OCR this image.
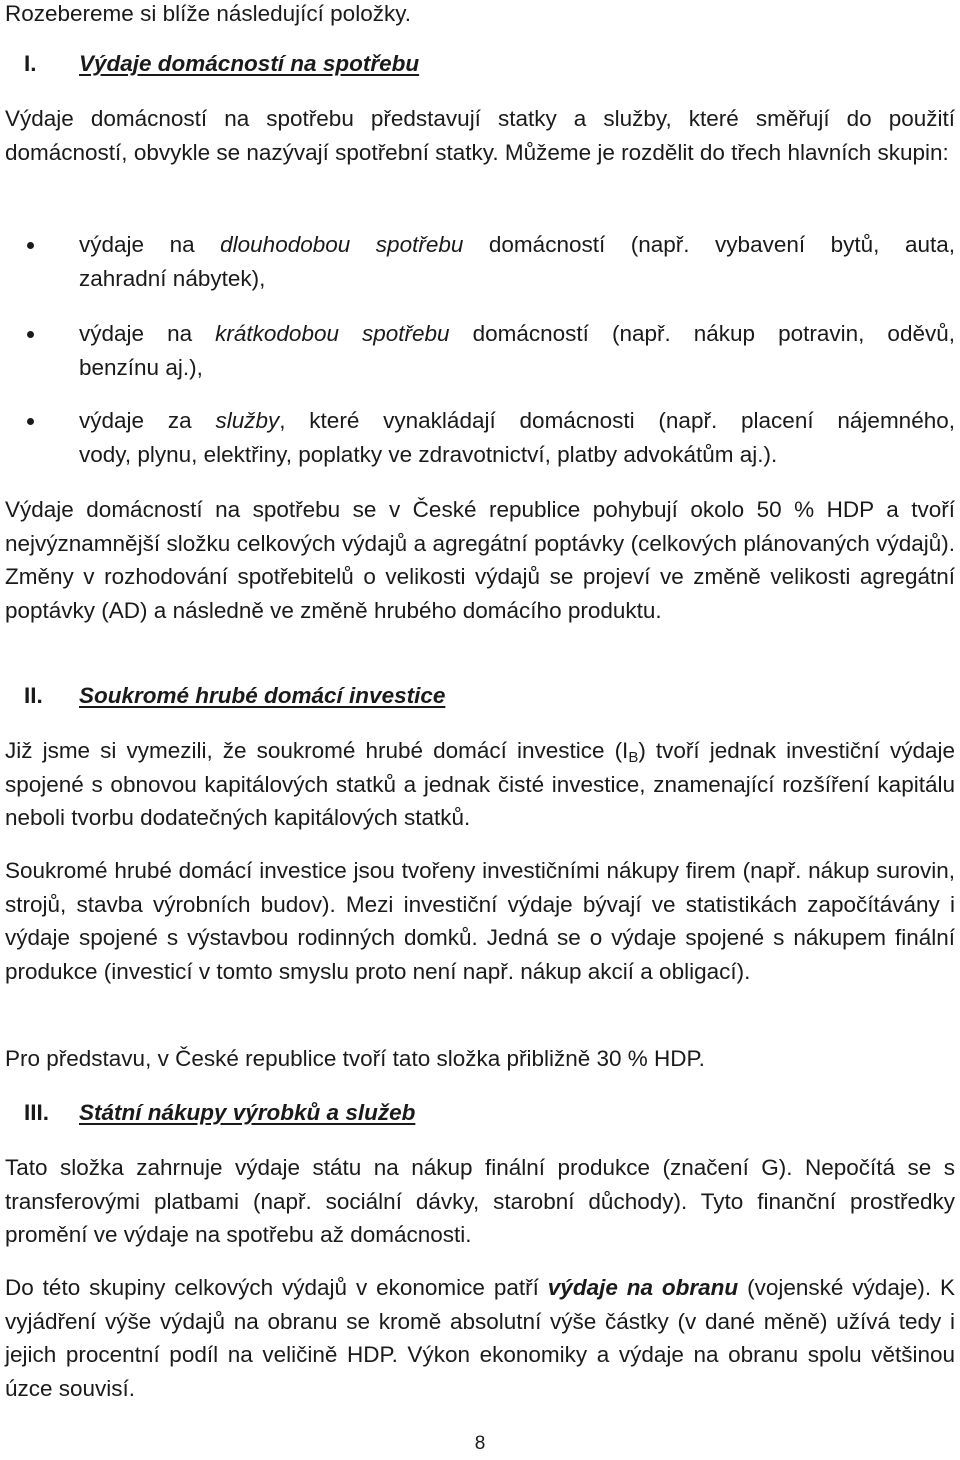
Rozebereme si blíže následující položky.

I. Výdaje domácností na spotřebu

Výdaje domácností na spotřebu představují statky a služby, které směřují do použití domácností, obvykle se nazývají spotřební statky. Můžeme je rozdělit do třech hlavních skupin:

výdaje na dlouhodobou spotřebu domácností (např. vybavení bytů, auta,
zahradní nábytek),
výdaje na krátkodobou spotřebu domácností (např. nákup potravin, oděvů,
benzínu aj.),
výdaje za služby, které vynakládají domácnosti (např. placení nájemného,
vody, plynu, elektřiny, poplatky ve zdravotnictví, platby advokátům aj.).

Výdaje domácností na spotřebu se v České republice pohybují okolo 50 % HDP a tvoří nejvýznamnější složku celkových výdajů a agregátní poptávky (celkových plánovaných výdajů). Změny v rozhodování spotřebitelů o velikosti výdajů se projeví ve změně velikosti agregátní poptávky (AD) a následně ve změně hrubého domácího produktu.

II. Soukromé hrubé domácí investice

Již jsme si vymezili, že soukromé hrubé domácí investice $(I_B)$ tvoří jednak investiční výdaje spojené s obnovou kapitálových statků a jednak čisté investice, znamenající rozšíření kapitálu neboli tvorbu dodatečných kapitálových statků.

Soukromé hrubé domácí investice jsou tvořeny investičními nákupy firem (např. nákup surovin, strojů, stavba výrobních budov). Mezi investiční výdaje bývají ve statistikách započítávány i výdaje spojené s výstavbou rodinných domků. Jedná se o výdaje spojené s nákupem finální produkce (investicí v tomto smyslu proto není např. nákup akcií a obligací).

Pro představu, v České republice tvoří tato složka přibližně 30 % HDP.

III. Státní nákupy výrobků a služeb

Tato složka zahrnuje výdaje státu na nákup finální produkce (značení G). Nepočítá se s transferovými platbami (např. sociální dávky, starobní důchody). Tyto finanční prostředky promění ve výdaje na spotřebu až domácnosti.

Do této skupiny celkových výdajů v ekonomice patří výdaje na obranu (vojenské výdaje). K vyjádření výše výdajů na obranu se kromě absolutní výše částky (v dané měně) užívá tedy i jejich procentní podíl na veličině HDP. Výkon ekonomiky a výdaje na obranu spolu většinou úzce souvisí.

8
